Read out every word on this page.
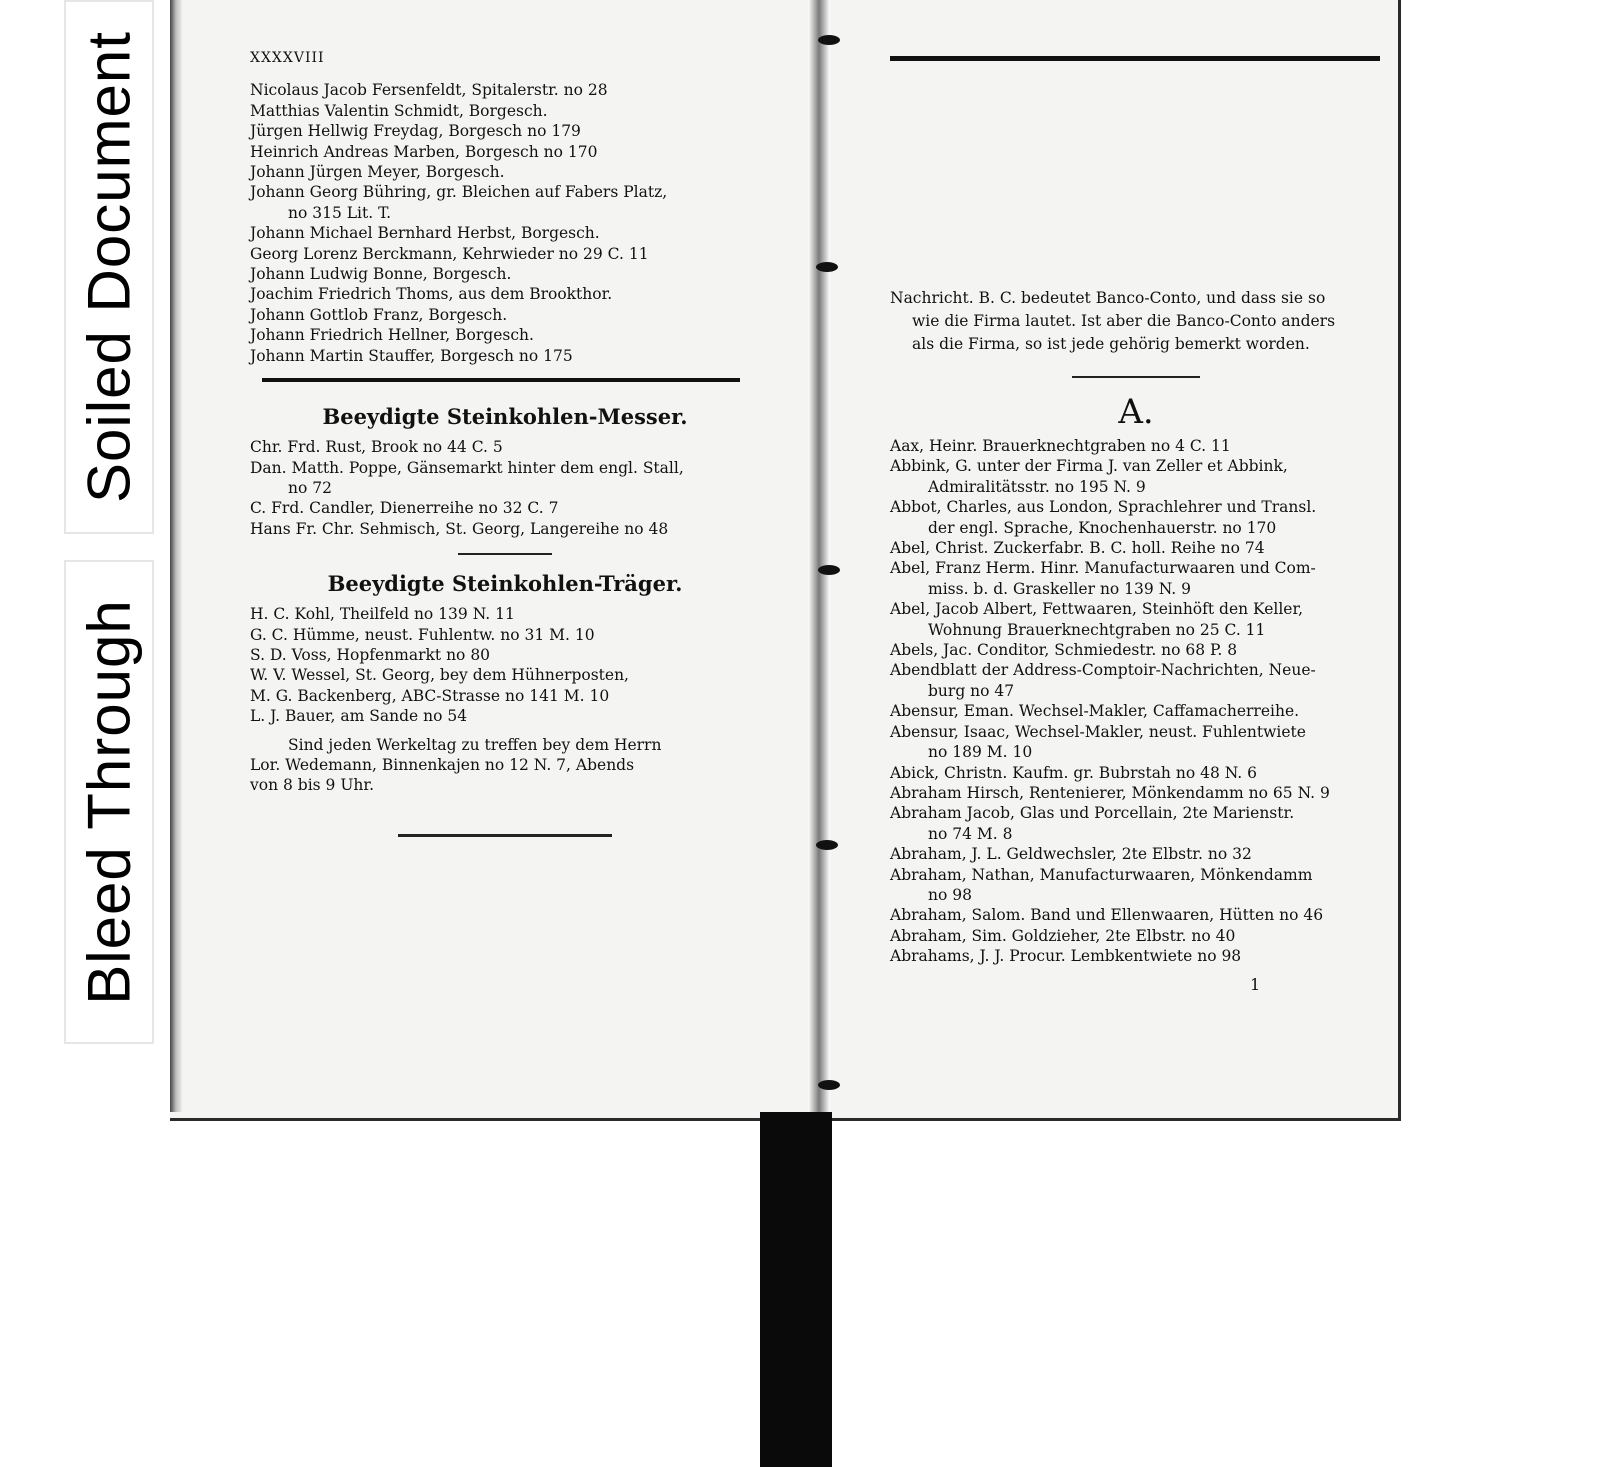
Soiled Document
Bleed Through
XXXXVIII
Nicolaus Jacob Fersenfeldt, Spitalerstr. no 28
Matthias Valentin Schmidt, Borgesch.
Jürgen Hellwig Freydag, Borgesch no 179
Heinrich Andreas Marben, Borgesch no 170
Johann Jürgen Meyer, Borgesch.
Johann Georg Bühring, gr. Bleichen auf Fabers Platz,
no 315 Lit. T.
Johann Michael Bernhard Herbst, Borgesch.
Georg Lorenz Berckmann, Kehrwieder no 29 C. 11
Johann Ludwig Bonne, Borgesch.
Joachim Friedrich Thoms, aus dem Brookthor.
Johann Gottlob Franz, Borgesch.
Johann Friedrich Hellner, Borgesch.
Johann Martin Stauffer, Borgesch no 175
Beeydigte Steinkohlen-Messer.
Chr. Frd. Rust, Brook no 44 C. 5
Dan. Matth. Poppe, Gänsemarkt hinter dem engl. Stall,
no 72
C. Frd. Candler, Dienerreihe no 32 C. 7
Hans Fr. Chr. Sehmisch, St. Georg, Langereihe no 48
Beeydigte Steinkohlen-Träger.
H. C. Kohl, Theilfeld no 139 N. 11
G. C. Hümme, neust. Fuhlentw. no 31 M. 10
S. D. Voss, Hopfenmarkt no 80
W. V. Wessel, St. Georg, bey dem Hühnerposten,
M. G. Backenberg, ABC-Strasse no 141 M. 10
L. J. Bauer, am Sande no 54
Sind jeden Werkeltag zu treffen bey dem Herrn
Lor. Wedemann, Binnenkajen no 12 N. 7, Abends
von 8 bis 9 Uhr.
Nachricht. B. C. bedeutet Banco-Conto, und dass sie so
wie die Firma lautet. Ist aber die Banco-Conto anders
als die Firma, so ist jede gehörig bemerkt worden.
A.
Aax, Heinr. Brauerknechtgraben no 4 C. 11
Abbink, G. unter der Firma J. van Zeller et Abbink,
Admiralitätsstr. no 195 N. 9
Abbot, Charles, aus London, Sprachlehrer und Transl.
der engl. Sprache, Knochenhauerstr. no 170
Abel, Christ. Zuckerfabr. B. C. holl. Reihe no 74
Abel, Franz Herm. Hinr. Manufacturwaaren und Com-
miss. b. d. Graskeller no 139 N. 9
Abel, Jacob Albert, Fettwaaren, Steinhöft den Keller,
Wohnung Brauerknechtgraben no 25 C. 11
Abels, Jac. Conditor, Schmiedestr. no 68 P. 8
Abendblatt der Address-Comptoir-Nachrichten, Neue-
burg no 47
Abensur, Eman. Wechsel-Makler, Caffamacherreihe.
Abensur, Isaac, Wechsel-Makler, neust. Fuhlentwiete
no 189 M. 10
Abick, Christn. Kaufm. gr. Bubrstah no 48 N. 6
Abraham Hirsch, Rentenierer, Mönkendamm no 65 N. 9
Abraham Jacob, Glas und Porcellain, 2te Marienstr.
no 74 M. 8
Abraham, J. L. Geldwechsler, 2te Elbstr. no 32
Abraham, Nathan, Manufacturwaaren, Mönkendamm
no 98
Abraham, Salom. Band und Ellenwaaren, Hütten no 46
Abraham, Sim. Goldzieher, 2te Elbstr. no 40
Abrahams, J. J. Procur. Lembkentwiete no 98
1
